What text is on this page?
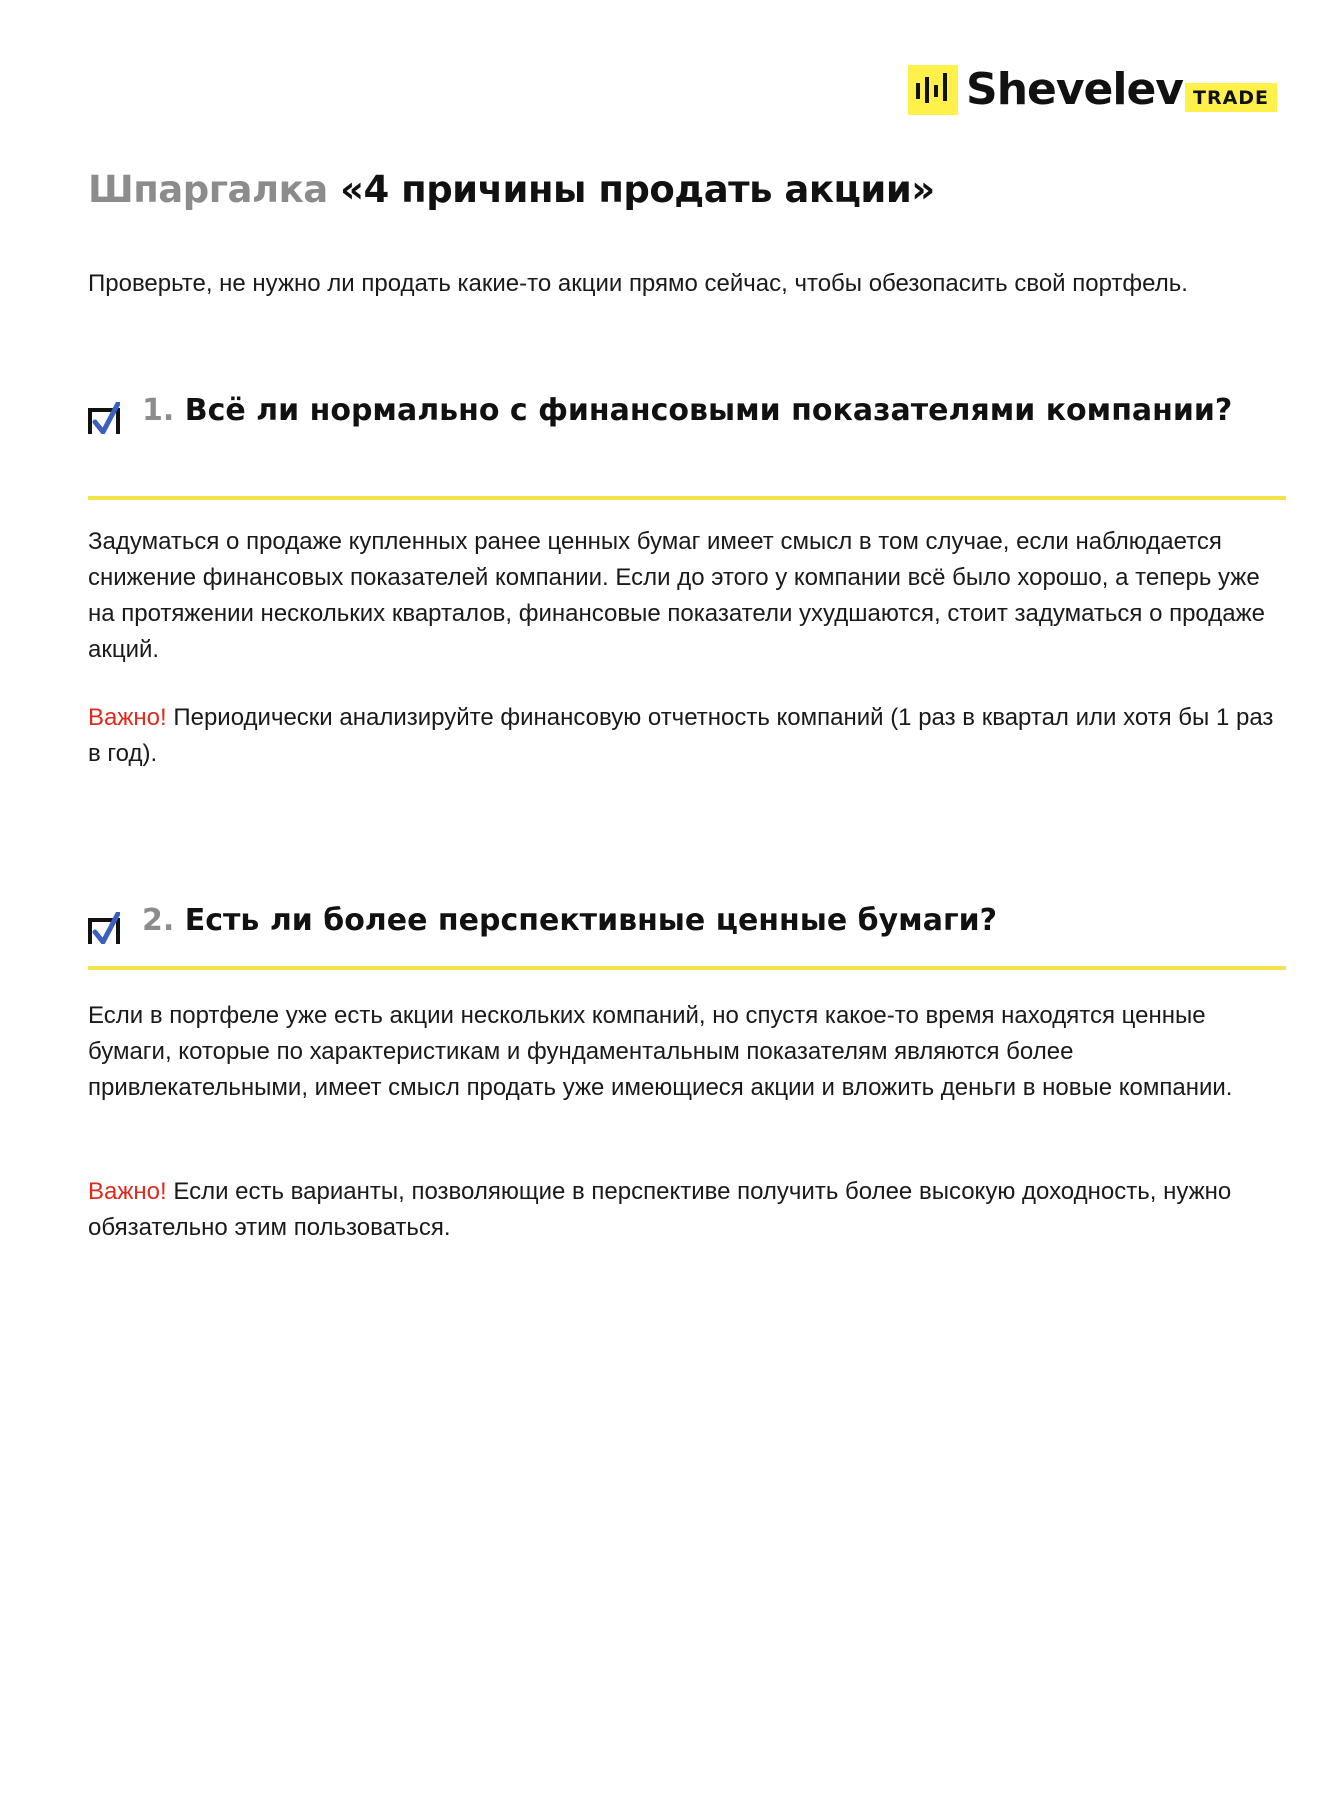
Shevelev TRADE
Шпаргалка «4 причины продать акции»

Проверьте, не нужно ли продать какие-то акции прямо сейчас, чтобы обезопасить свой портфель.

1. Всё ли нормально с финансовыми показателями компании?

Задуматься о продаже купленных ранее ценных бумаг имеет смысл в том случае, если наблюдается снижение финансовых показателей компании. Если до этого у компании всё было хорошо, а теперь уже на протяжении нескольких кварталов, финансовые показатели ухудшаются, стоит задуматься о продаже акций.

Важно! Периодически анализируйте финансовую отчетность компаний (1 раз в квартал или хотя бы 1 раз в год).

2. Есть ли более перспективные ценные бумаги?

Если в портфеле уже есть акции нескольких компаний, но спустя какое-то время находятся ценные бумаги, которые по характеристикам и фундаментальным показателям являются более привлекательными, имеет смысл продать уже имеющиеся акции и вложить деньги в новые компании.

Важно! Если есть варианты, позволяющие в перспективе получить более высокую доходность, нужно обязательно этим пользоваться.
